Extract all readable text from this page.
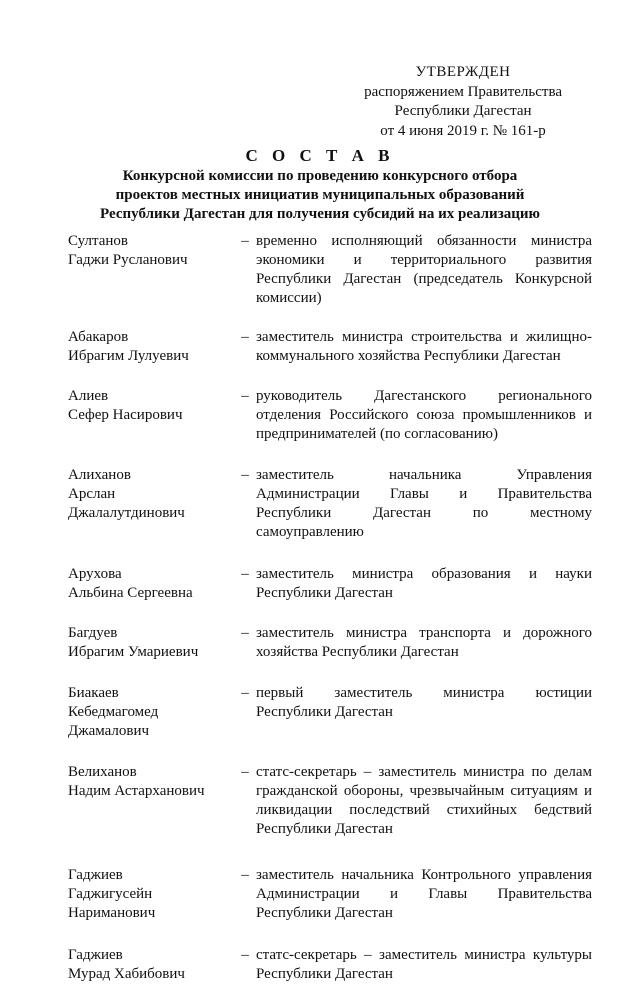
УТВЕРЖДЕН
распоряжением Правительства
Республики Дагестан
от 4 июня 2019 г. № 161-р
С О С Т А В
Конкурсной комиссии по проведению конкурсного отбора
проектов местных инициатив муниципальных образований
Республики Дагестан для получения субсидий на их реализацию
Султанов
Гаджи Русланович
– временно исполняющий обязанности министра
экономики и территориального развития
Республики Дагестан (председатель Конкурсной
комиссии)
Абакаров
Ибрагим Лулуевич
– заместитель министра строительства и жилищно-
коммунального хозяйства Республики Дагестан
Алиев
Сефер Насирович
– руководитель Дагестанского регионального
отделения Российского союза промышленников и
предпринимателей (по согласованию)
Алиханов
Арслан
Джалалутдинович
– заместитель начальника Управления
Администрации Главы и Правительства
Республики Дагестан по местному
самоуправлению
Арухова
Альбина Сергеевна
– заместитель министра образования и науки
Республики Дагестан
Багдуев
Ибрагим Умариевич
– заместитель министра транспорта и дорожного
хозяйства Республики Дагестан
Биакаев
Кебедмагомед
Джамалович
– первый заместитель министра юстиции
Республики Дагестан
Велиханов
Надим Астарханович
– статс-секретарь – заместитель министра по делам
гражданской обороны, чрезвычайным ситуациям и
ликвидации последствий стихийных бедствий
Республики Дагестан
Гаджиев
Гаджигусейн
Нариманович
– заместитель начальника Контрольного управления
Администрации и Главы Правительства
Республики Дагестан
Гаджиев
Мурад Хабибович
– статс-секретарь – заместитель министра культуры
Республики Дагестан
